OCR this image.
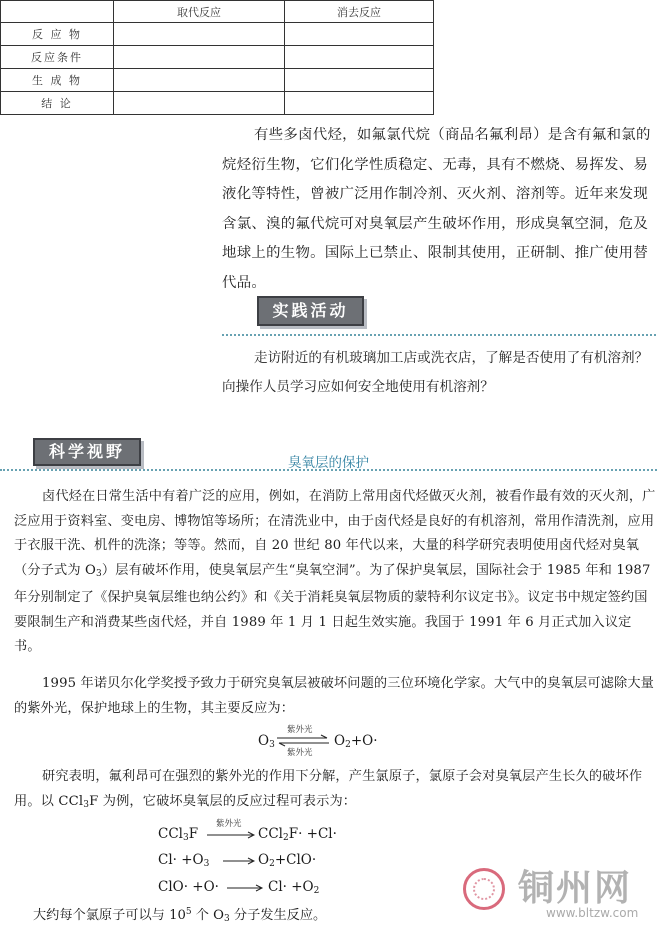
	取代反应	消去反应
反 应 物		
反应条件		
生 成 物		
结 论		
有些多卤代烃，如氟氯代烷（商品名氟利昂）是含有氟和氯的烷烃衍生物，它们化学性质稳定、无毒，具有不燃烧、易挥发、易液化等特性，曾被广泛用作制冷剂、灭火剂、溶剂等。近年来发现含氯、溴的氟代烷可对臭氧层产生破坏作用，形成臭氧空洞，危及地球上的生物。国际上已禁止、限制其使用，正研制、推广使用替代品。
实践活动
走访附近的有机玻璃加工店或洗衣店，了解是否使用了有机溶剂？向操作人员学习应如何安全地使用有机溶剂？
科学视野
臭氧层的保护
卤代烃在日常生活中有着广泛的应用，例如，在消防上常用卤代烃做灭火剂，被看作最有效的灭火剂，广泛应用于资料室、变电房、博物馆等场所；在清洗业中，由于卤代烃是良好的有机溶剂，常用作清洗剂，应用于衣服干洗、机件的洗涤；等等。然而，自 20 世纪 80 年代以来，大量的科学研究表明使用卤代烃对臭氧（分子式为 $O_3$）层有破坏作用，使臭氧层产生“臭氧空洞”。为了保护臭氧层，国际社会于 1985 年和 1987 年分别制定了《保护臭氧层维也纳公约》和《关于消耗臭氧层物质的蒙特利尔议定书》。议定书中规定签约国要限制生产和消费某些卤代烃，并自 1989 年 1 月 1 日起生效实施。我国于 1991 年 6 月正式加入议定书。
1995 年诺贝尔化学奖授予致力于研究臭氧层被破坏问题的三位环境化学家。大气中的臭氧层可滤除大量的紫外光，保护地球上的生物，其主要反应为：
$O_3$
紫外光
紫外光
$O_2+O\cdot$
研究表明，氟利昂可在强烈的紫外光的作用下分解，产生氯原子，氯原子会对臭氧层产生长久的破坏作用。以 CCl$_3$F 为例，它破坏臭氧层的反应过程可表示为：
CCl$_3$F
紫外光
CCl$_2$F· +Cl·
$Cl\cdot +O_3$	$O_2+ClO\cdot$
ClO· +O·	$Cl\cdot +O_2$
大约每个氯原子可以与 $10^5$ 个 $O_3$ 分子发生反应。
铜州网
www.bltzw.com
